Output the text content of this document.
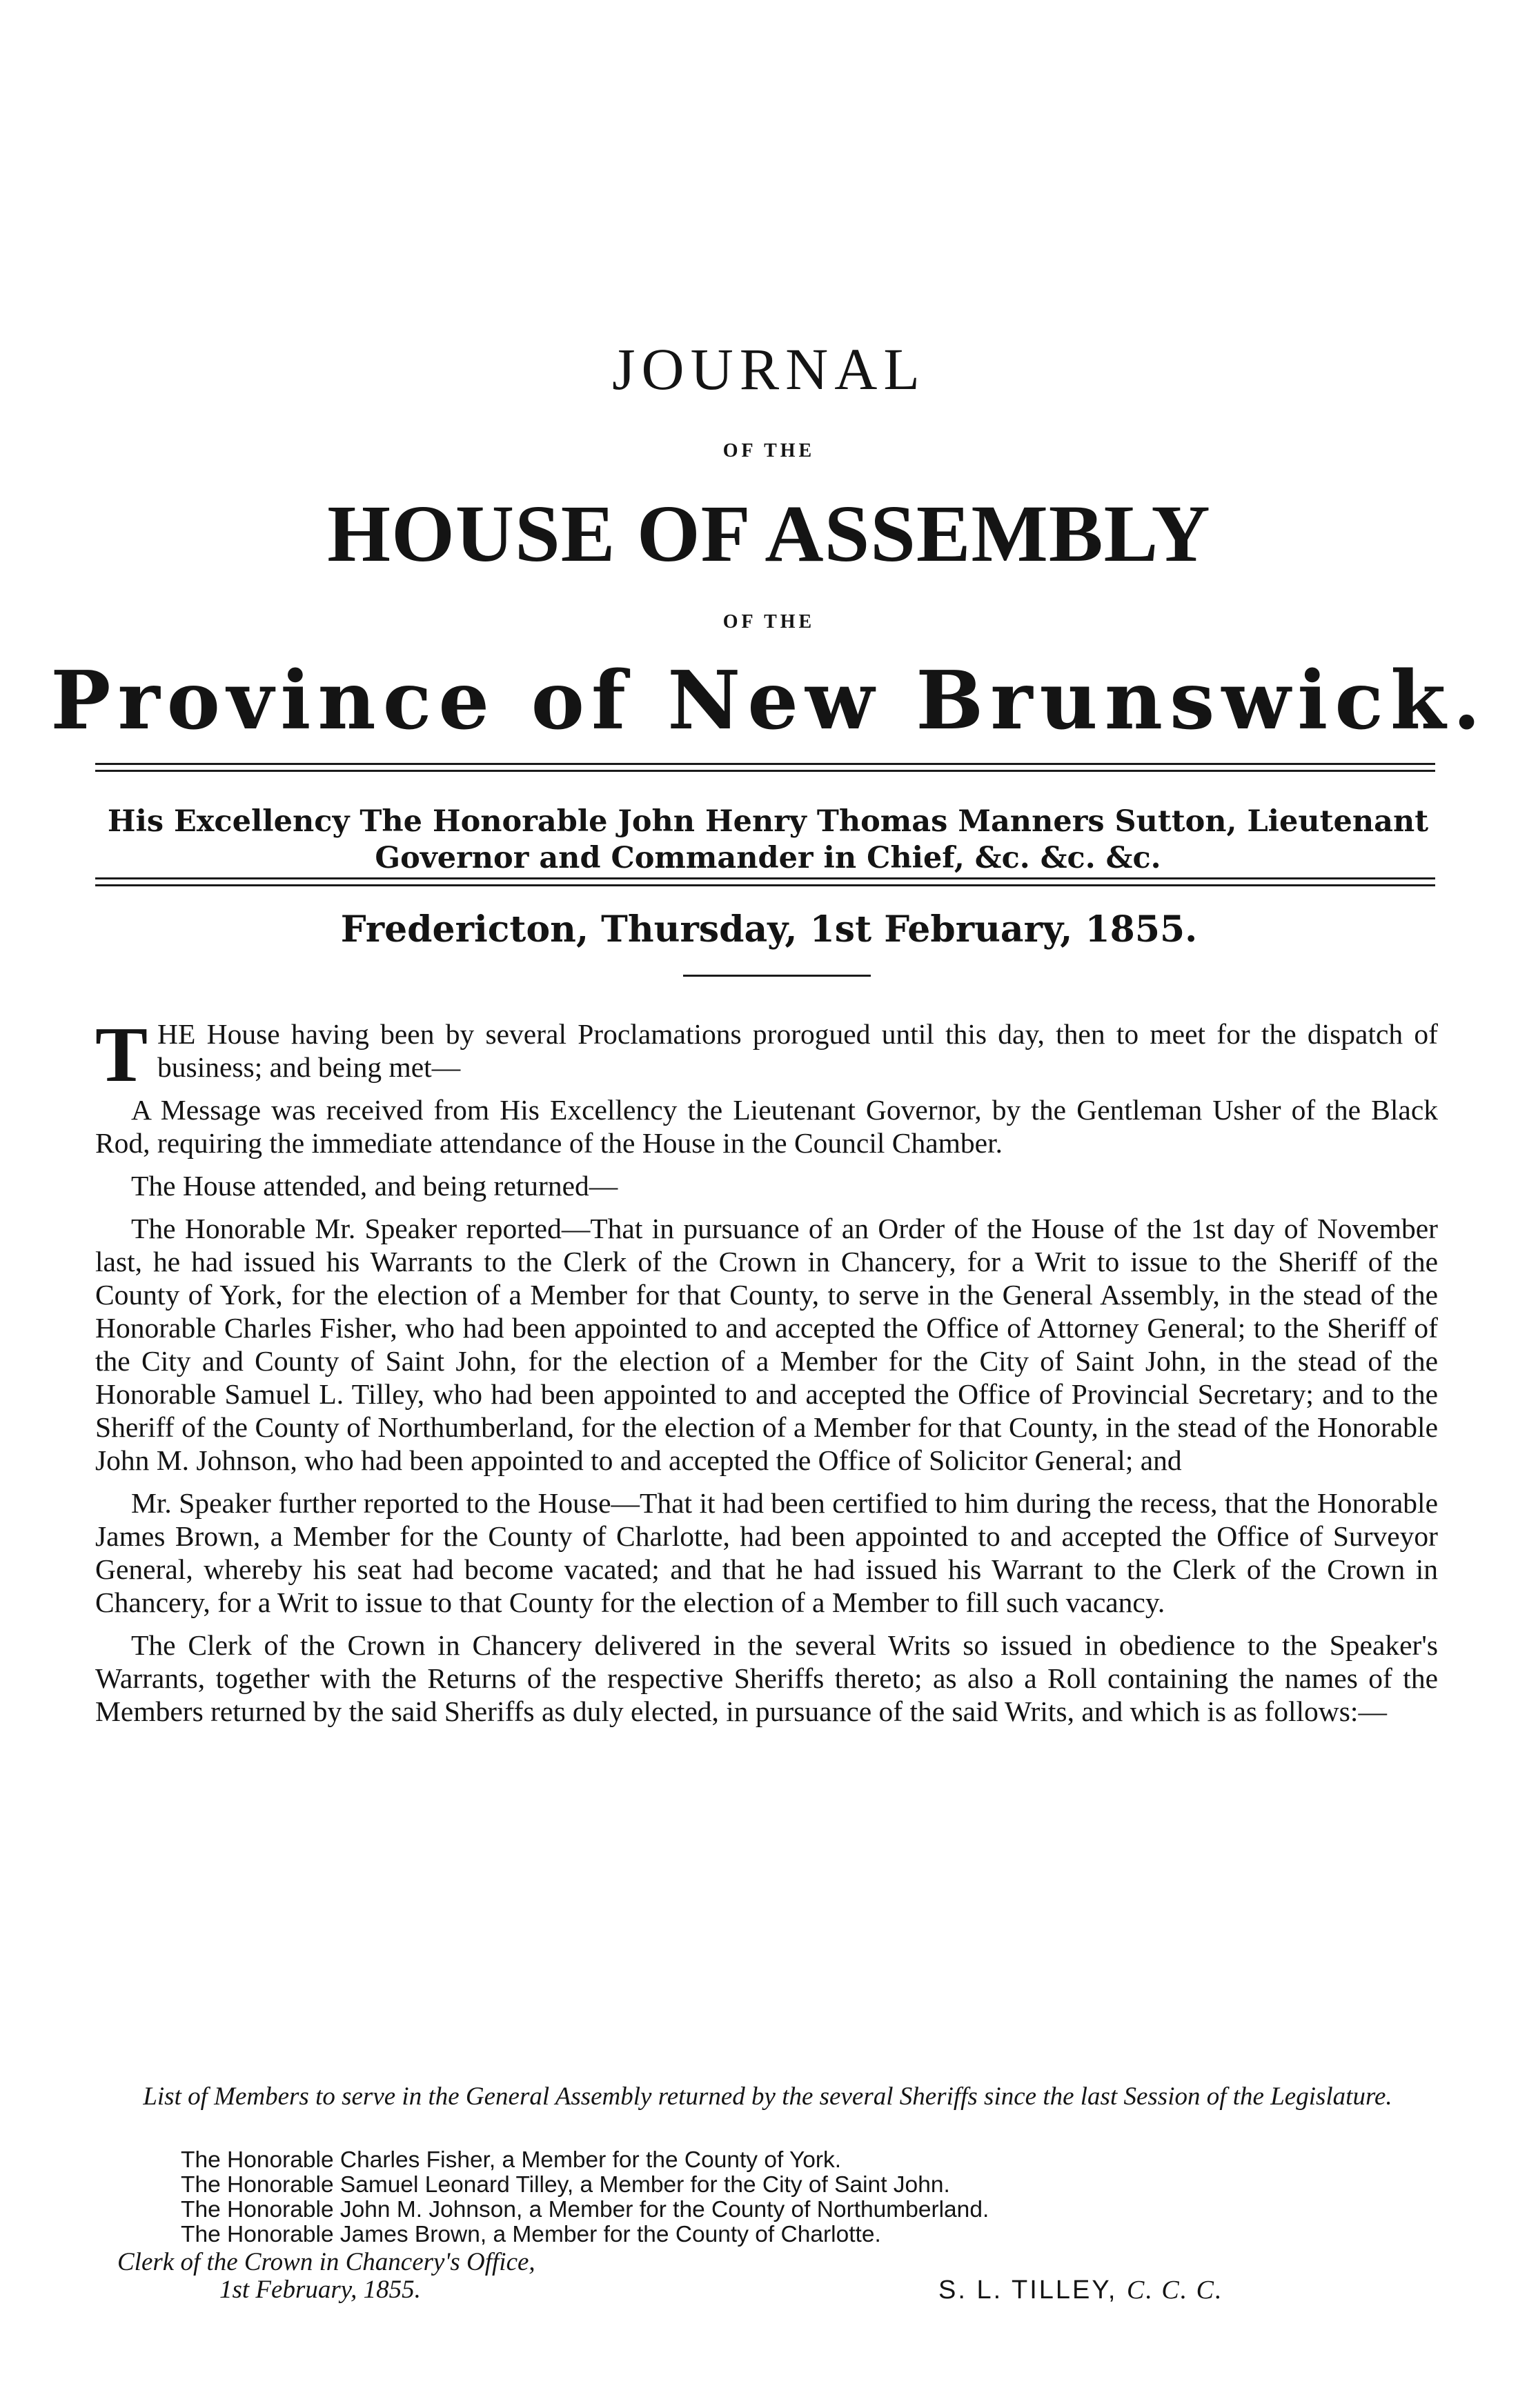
JOURNAL
OF THE
HOUSE OF ASSEMBLY
OF THE
Province of New Brunswick.
His Excellency The Honorable John Henry Thomas Manners Sutton, Lieutenant Governor and Commander in Chief, &c. &c. &c.
Fredericton, Thursday, 1st February, 1855.

THE House having been by several Proclamations prorogued until this day, then to meet for the dispatch of business; and being met—

A Message was received from His Excellency the Lieutenant Governor, by the Gentleman Usher of the Black Rod, requiring the immediate attendance of the House in the Council Chamber.

The House attended, and being returned—

The Honorable Mr. Speaker reported—That in pursuance of an Order of the House of the 1st day of November last, he had issued his Warrants to the Clerk of the Crown in Chancery, for a Writ to issue to the Sheriff of the County of York, for the election of a Member for that County, to serve in the General Assembly, in the stead of the Honorable Charles Fisher, who had been appointed to and accepted the Office of Attorney General; to the Sheriff of the City and County of Saint John, for the election of a Member for the City of Saint John, in the stead of the Honorable Samuel L. Tilley, who had been appointed to and accepted the Office of Provincial Secretary; and to the Sheriff of the County of Northumberland, for the election of a Member for that County, in the stead of the Honorable John M. Johnson, who had been appointed to and accepted the Office of Solicitor General; and

Mr. Speaker further reported to the House—That it had been certified to him during the recess, that the Honorable James Brown, a Member for the County of Charlotte, had been appointed to and accepted the Office of Surveyor General, whereby his seat had become vacated; and that he had issued his Warrant to the Clerk of the Crown in Chancery, for a Writ to issue to that County for the election of a Member to fill such vacancy.

The Clerk of the Crown in Chancery delivered in the several Writs so issued in obedience to the Speaker's Warrants, together with the Returns of the respective Sheriffs thereto; as also a Roll containing the names of the Members returned by the said Sheriffs as duly elected, in pursuance of the said Writs, and which is as follows:—

List of Members to serve in the General Assembly returned by the several Sheriffs since the last Session of the Legislature.
The Honorable Charles Fisher, a Member for the County of York.
The Honorable Samuel Leonard Tilley, a Member for the City of Saint John.
The Honorable John M. Johnson, a Member for the County of Northumberland.
The Honorable James Brown, a Member for the County of Charlotte.
Clerk of the Crown in Chancery's Office,
1st February, 1855.	S. L. TILLEY, C. C. C.
